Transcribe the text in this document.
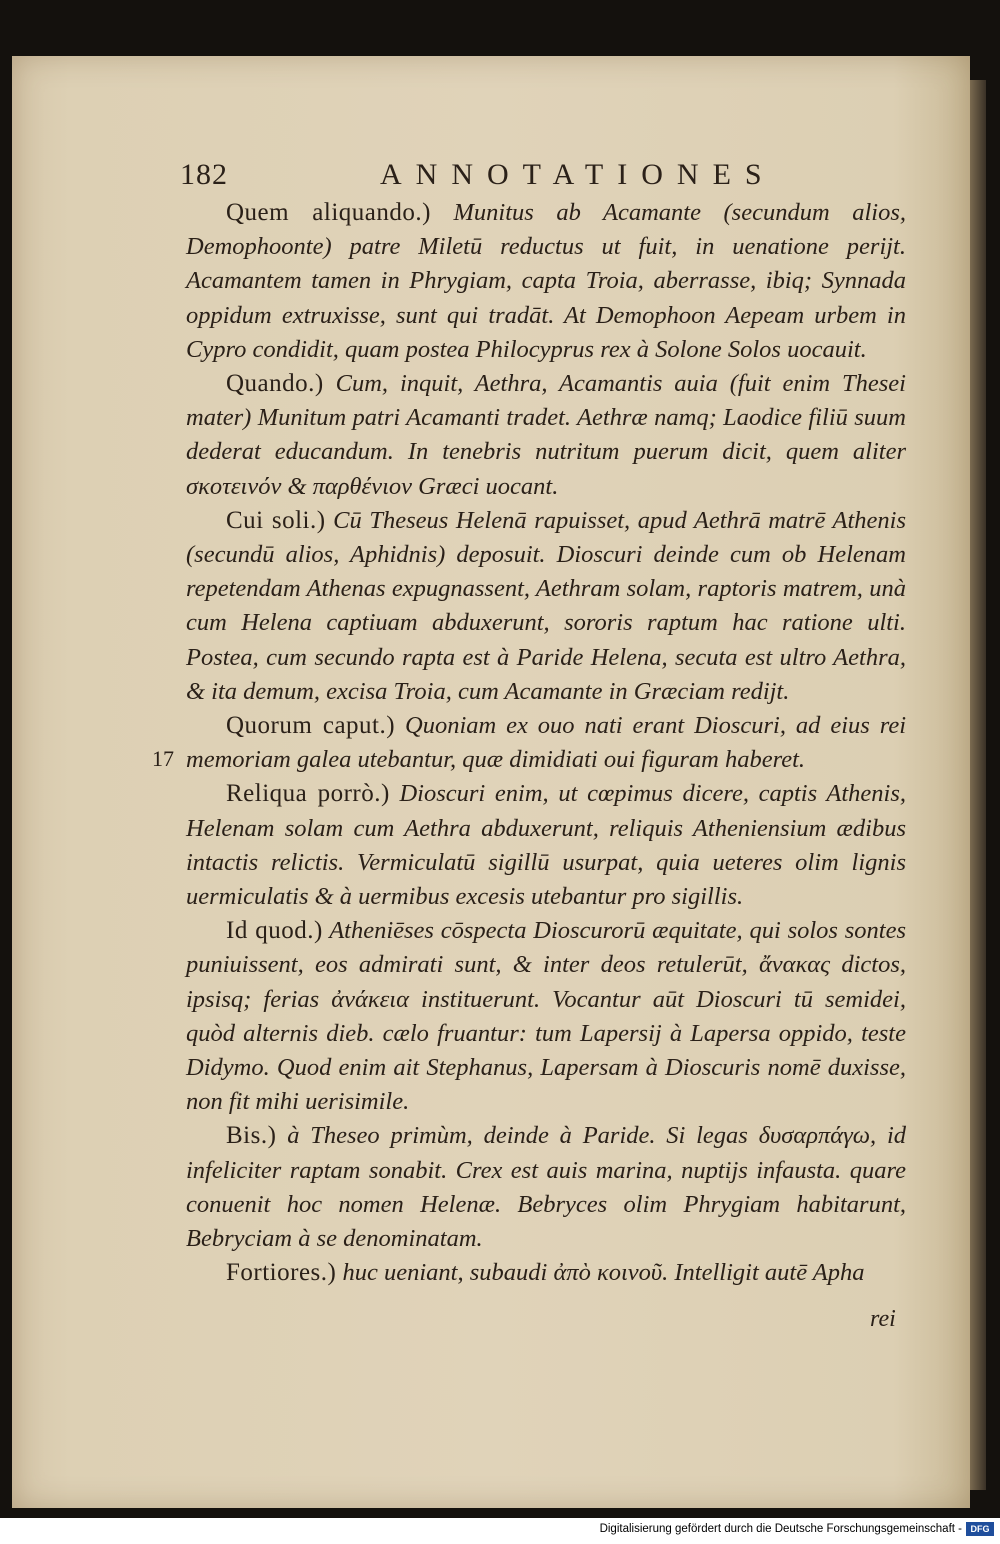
182	ANNOTATIONES
17

Quem aliquando.) Munitus ab Acamante (secundum alios, Demophoonte) patre Miletū reductus ut fuit, in uenatione perijt. Acamantem tamen in Phrygiam, capta Troia, aberrasse, ibiq; Synnada oppidum extruxisse, sunt qui tradāt. At Demophoon Aepeam urbem in Cypro condidit, quam postea Philocyprus rex à Solone Solos uocauit.

Quando.) Cum, inquit, Aethra, Acamantis auia (fuit enim Thesei mater) Munitum patri Acamanti tradet. Aethræ namq; Laodice filiū suum dederat educandum. In tenebris nutritum puerum dicit, quem aliter σκοτεινόν & παρθένιον Græci uocant.

Cui soli.) Cū Theseus Helenā rapuisset, apud Aethrā matrē Athenis (secundū alios, Aphidnis) deposuit. Dioscuri deinde cum ob Helenam repetendam Athenas expugnassent, Aethram solam, raptoris matrem, unà cum Helena captiuam abduxerunt, sororis raptum hac ratione ulti. Postea, cum secundo rapta est à Paride Helena, secuta est ultro Aethra, & ita demum, excisa Troia, cum Acamante in Græciam redijt.

Quorum caput.) Quoniam ex ouo nati erant Dioscuri, ad eius rei memoriam galea utebantur, quæ dimidiati oui figuram haberet.

Reliqua porrò.) Dioscuri enim, ut cœpimus dicere, captis Athenis, Helenam solam cum Aethra abduxerunt, reliquis Atheniensium ædibus intactis relictis. Vermiculatū sigillū usurpat, quia ueteres olim lignis uermiculatis & à uermibus excesis utebantur pro sigillis.

Id quod.) Atheniēses cōspecta Dioscurorū æquitate, qui solos sontes puniuissent, eos admirati sunt, & inter deos retulerūt, ἄνακας dictos, ipsisq; ferias ἀνάκεια instituerunt. Vocantur aūt Dioscuri tū semidei, quòd alternis dieb. cælo fruantur: tum Lapersij à Lapersa oppido, teste Didymo. Quod enim ait Stephanus, Lapersam à Dioscuris nomē duxisse, non fit mihi uerisimile.

Bis.) à Theseo primùm, deinde à Paride. Si legas δυσαρπάγω, id infeliciter raptam sonabit. Crex est auis marina, nuptijs infausta. quare conuenit hoc nomen Helenæ. Bebryces olim Phrygiam habitarunt, Bebryciam à se denominatam.

Fortiores.) huc ueniant, subaudi ἀπὸ κοινοῦ. Intelligit autē Apha

rei
Digitalisierung gefördert durch die Deutsche Forschungsgemeinschaft - DFG
